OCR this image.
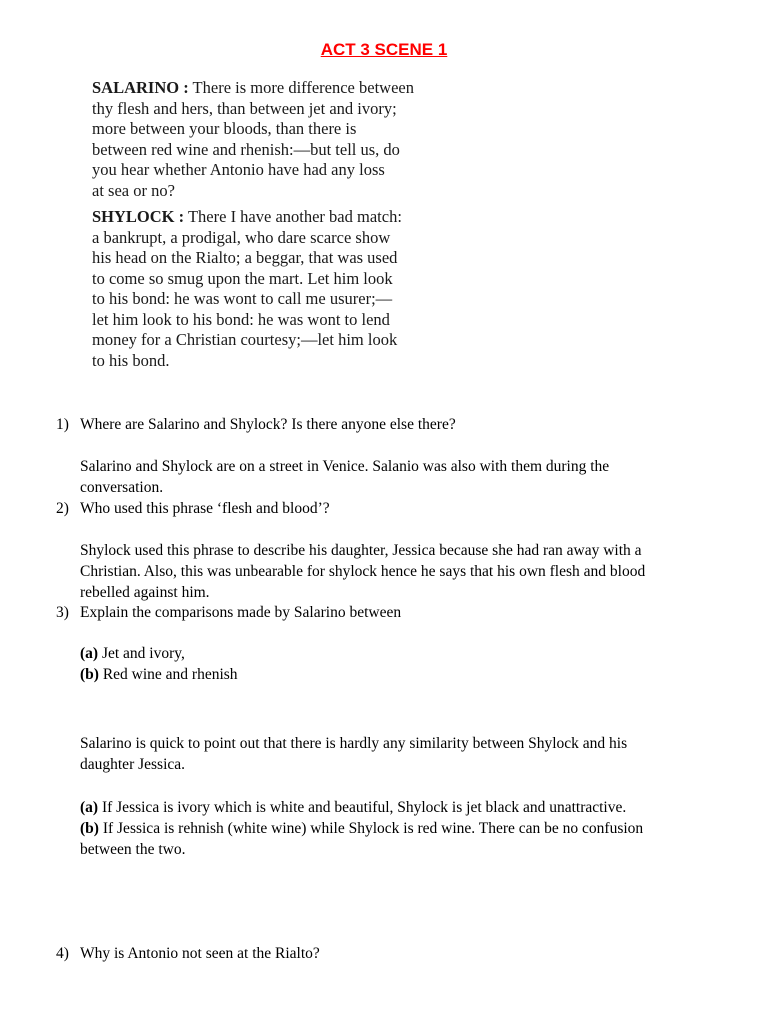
ACT 3 SCENE 1
SALARINO : There is more difference between
thy flesh and hers, than between jet and ivory;
more between your bloods, than there is
between red wine and rhenish:—but tell us, do
you hear whether Antonio have had any loss
at sea or no?
SHYLOCK : There I have another bad match:
a bankrupt, a prodigal, who dare scarce show
his head on the Rialto; a beggar, that was used
to come so smug upon the mart. Let him look
to his bond: he was wont to call me usurer;—
let him look to his bond: he was wont to lend
money for a Christian courtesy;—let him look
to his bond.
1) Where are Salarino and Shylock? Is there anyone else there?
Salarino and Shylock are on a street in Venice. Salanio was also with them during the
conversation.
2) Who used this phrase ‘flesh and blood’?
Shylock used this phrase to describe his daughter, Jessica because she had ran away with a
Christian. Also, this was unbearable for shylock hence he says that his own flesh and blood
rebelled against him.
3) Explain the comparisons made by Salarino between
(a) Jet and ivory,
(b) Red wine and rhenish
Salarino is quick to point out that there is hardly any similarity between Shylock and his
daughter Jessica.
(a) If Jessica is ivory which is white and beautiful, Shylock is jet black and unattractive.
(b) If Jessica is rehnish (white wine) while Shylock is red wine. There can be no confusion
between the two.
4) Why is Antonio not seen at the Rialto?
